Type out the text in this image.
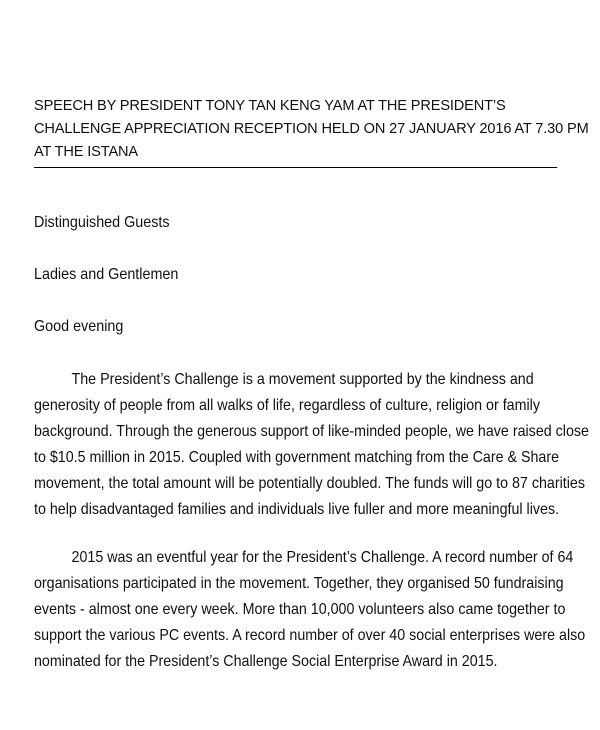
SPEECH BY PRESIDENT TONY TAN KENG YAM AT THE PRESIDENT’S
CHALLENGE APPRECIATION RECEPTION HELD ON 27 JANUARY 2016 AT 7.30 PM
AT THE ISTANA
Distinguished Guests
Ladies and Gentlemen
Good evening
The President’s Challenge is a movement supported by the kindness and
generosity of people from all walks of life, regardless of culture, religion or family
background. Through the generous support of like-minded people, we have raised close
to $10.5 million in 2015. Coupled with government matching from the Care & Share
movement, the total amount will be potentially doubled. The funds will go to 87 charities
to help disadvantaged families and individuals live fuller and more meaningful lives.
2015 was an eventful year for the President’s Challenge. A record number of 64
organisations participated in the movement. Together, they organised 50 fundraising
events - almost one every week. More than 10,000 volunteers also came together to
support the various PC events. A record number of over 40 social enterprises were also
nominated for the President’s Challenge Social Enterprise Award in 2015.
